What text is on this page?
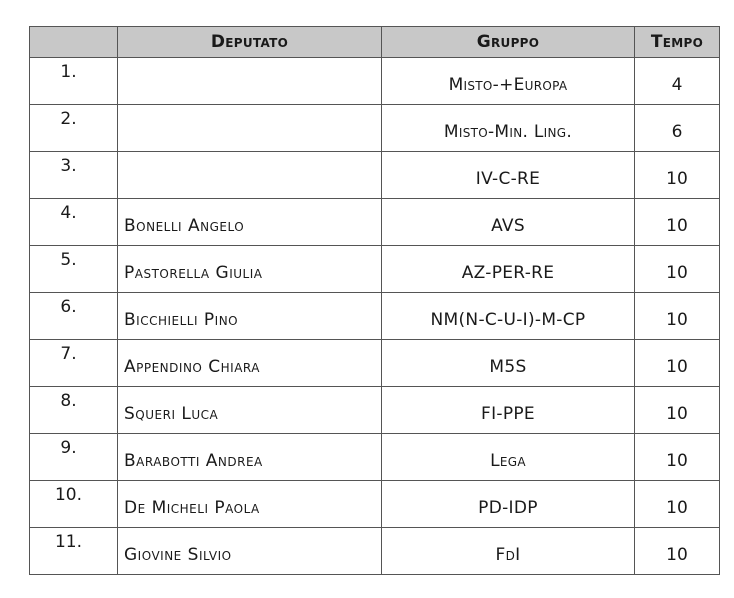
	Deputato	Gruppo	Tempo
1.		Misto-+Europa	4
2.		Misto-Min. Ling.	6
3.		IV-C-RE	10
4.	Bonelli Angelo	AVS	10
5.	Pastorella Giulia	AZ-PER-RE	10
6.	Bicchielli Pino	NM(N-C-U-I)-M-CP	10
7.	Appendino Chiara	M5S	10
8.	Squeri Luca	FI-PPE	10
9.	Barabotti Andrea	Lega	10
10.	De Micheli Paola	PD-IDP	10
11.	Giovine Silvio	FdI	10
